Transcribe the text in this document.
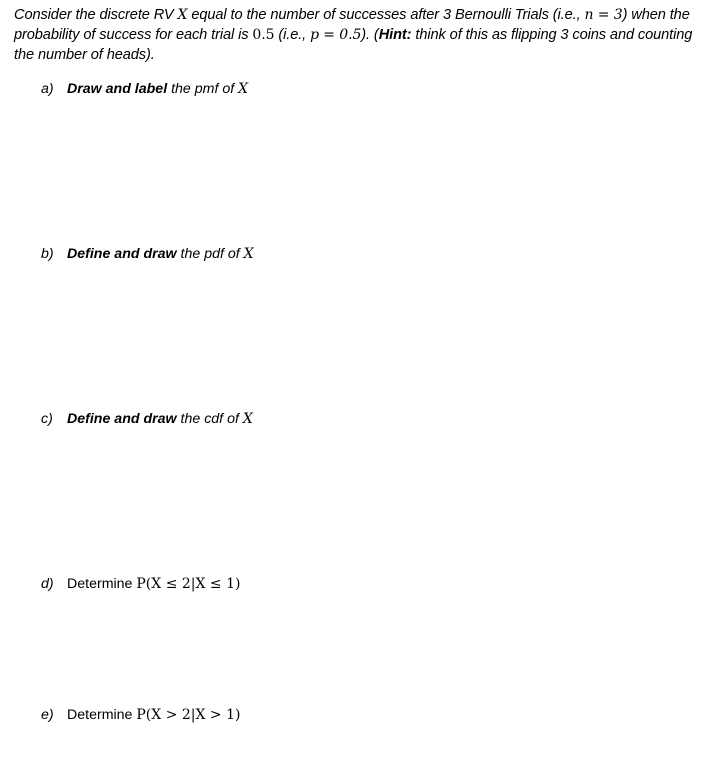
Consider the discrete RV X equal to the number of successes after 3 Bernoulli Trials (i.e., n = 3) when the
probability of success for each trial is 0.5 (i.e., p = 0.5). (Hint: think of this as flipping 3 coins and counting
the number of heads).
a) Draw and label the pmf of X
b) Define and draw the pdf of X
c) Define and draw the cdf of X
d) Determine P(X ≤ 2|X ≤ 1)
e) Determine P(X > 2|X > 1)
